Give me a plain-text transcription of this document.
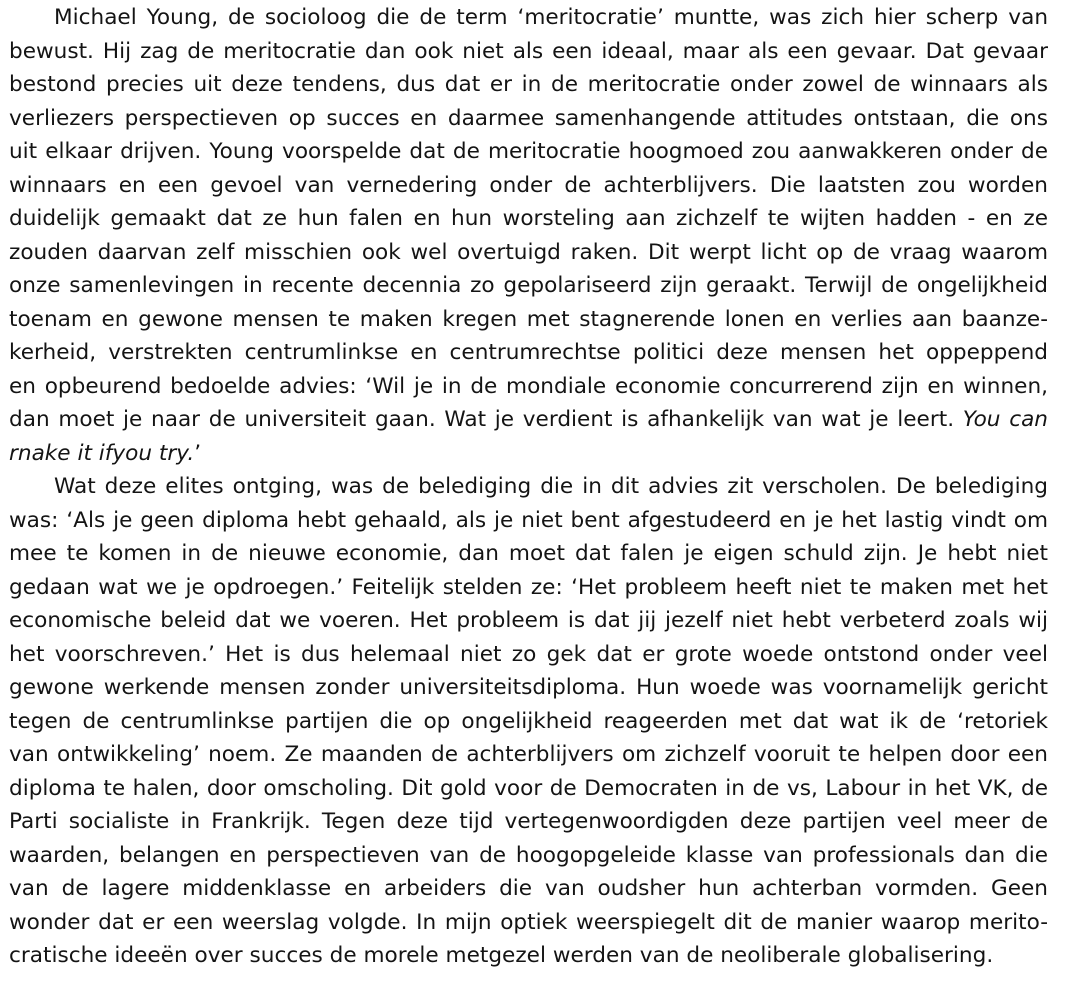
Michael Young, de socioloog die de term ‘meritocratie’ muntte, was zich hier scherp van
bewust. Hij zag de meritocratie dan ook niet als een ideaal, maar als een gevaar. Dat gevaar
bestond precies uit deze tendens, dus dat er in de meritocratie onder zowel de winnaars als
verliezers perspectieven op succes en daarmee samenhangende attitudes ontstaan, die ons
uit elkaar drijven. Young voorspelde dat de meritocratie hoogmoed zou aanwakkeren onder de
winnaars en een gevoel van vernedering onder de achterblijvers. Die laatsten zou worden
duidelijk gemaakt dat ze hun falen en hun worsteling aan zichzelf te wijten hadden - en ze
zouden daarvan zelf misschien ook wel overtuigd raken. Dit werpt licht op de vraag waarom
onze samenlevingen in recente decennia zo gepolariseerd zijn geraakt. Terwijl de ongelijkheid
toenam en gewone mensen te maken kregen met stagnerende lonen en verlies aan baanze-
kerheid, verstrekten centrumlinkse en centrumrechtse politici deze mensen het oppeppend
en opbeurend bedoelde advies: ‘Wil je in de mondiale economie concurrerend zijn en winnen,
dan moet je naar de universiteit gaan. Wat je verdient is afhankelijk van wat je leert. You can
rnake it ifyou try.’
Wat deze elites ontging, was de belediging die in dit advies zit verscholen. De belediging
was: ‘Als je geen diploma hebt gehaald, als je niet bent afgestudeerd en je het lastig vindt om
mee te komen in de nieuwe economie, dan moet dat falen je eigen schuld zijn. Je hebt niet
gedaan wat we je opdroegen.’ Feitelijk stelden ze: ‘Het probleem heeft niet te maken met het
economische beleid dat we voeren. Het probleem is dat jij jezelf niet hebt verbeterd zoals wij
het voorschreven.’ Het is dus helemaal niet zo gek dat er grote woede ontstond onder veel
gewone werkende mensen zonder universiteitsdiploma. Hun woede was voornamelijk gericht
tegen de centrumlinkse partijen die op ongelijkheid reageerden met dat wat ik de ‘retoriek
van ontwikkeling’ noem. Ze maanden de achterblijvers om zichzelf vooruit te helpen door een
diploma te halen, door omscholing. Dit gold voor de Democraten in de vs, Labour in het VK, de
Parti socialiste in Frankrijk. Tegen deze tijd vertegenwoordigden deze partijen veel meer de
waarden, belangen en perspectieven van de hoogopgeleide klasse van professionals dan die
van de lagere middenklasse en arbeiders die van oudsher hun achterban vormden. Geen
wonder dat er een weerslag volgde. In mijn optiek weerspiegelt dit de manier waarop merito-
cratische ideeën over succes de morele metgezel werden van de neoliberale globalisering.
